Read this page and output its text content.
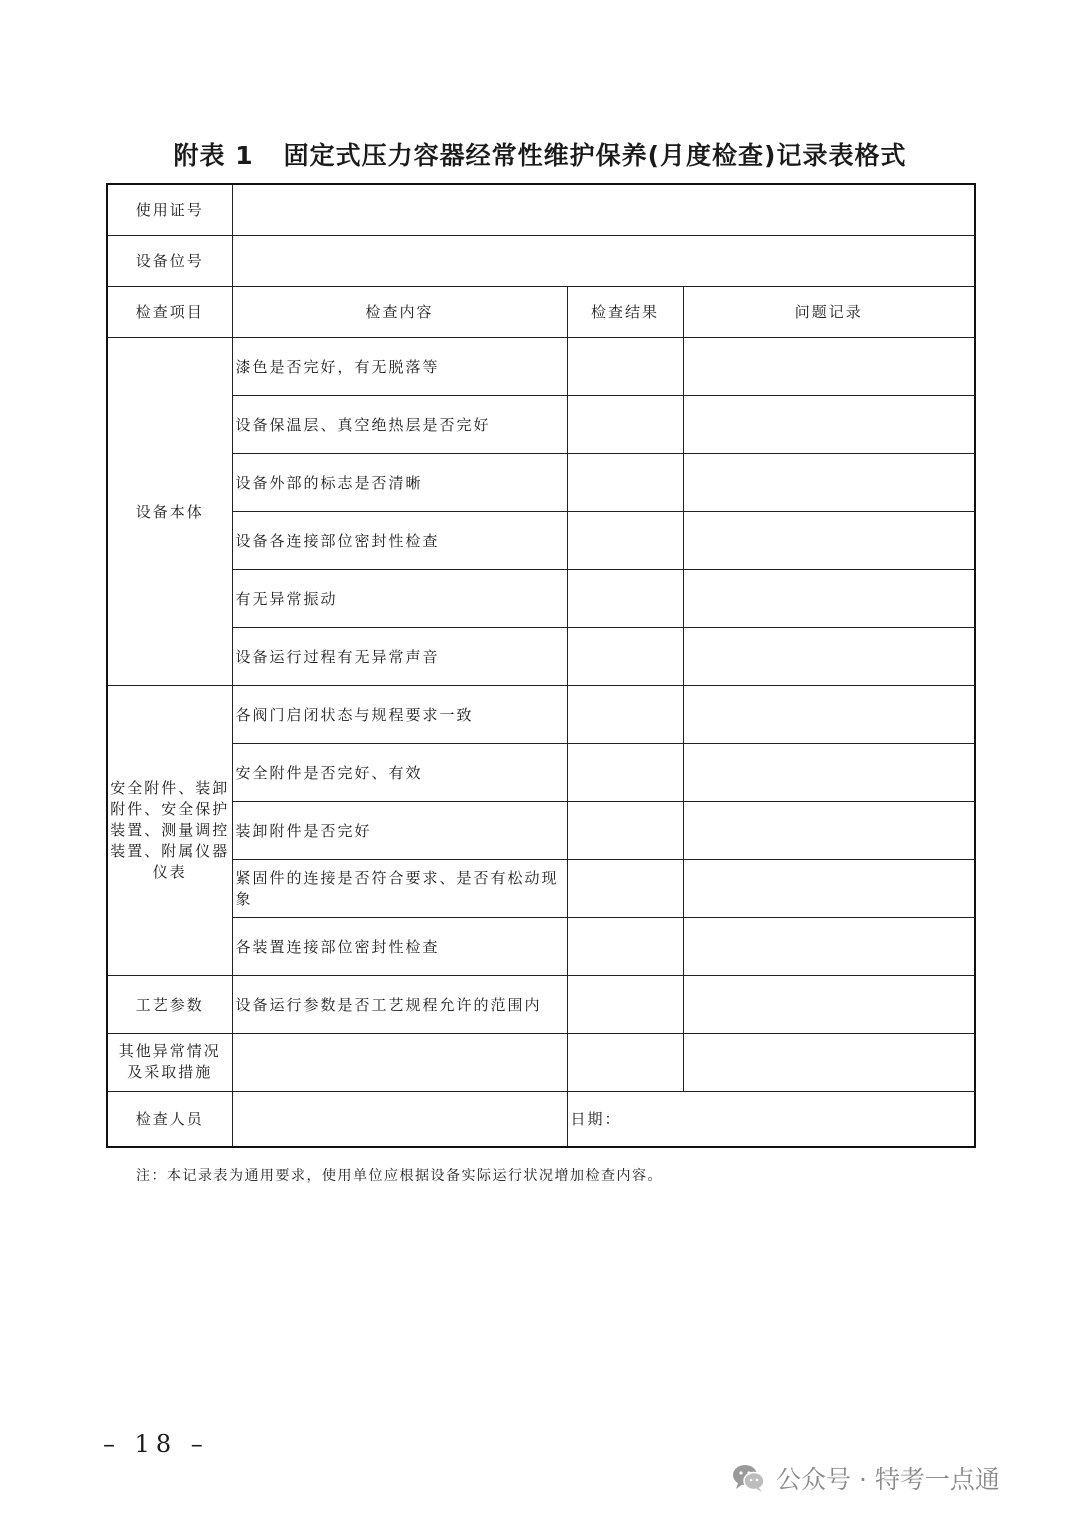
附表 1 固定式压力容器经常性维护保养(月度检查)记录表格式
使用证号			
设备位号			
检查项目	检查内容	检查结果	问题记录
设备本体	漆色是否完好，有无脱落等		
	设备保温层、真空绝热层是否完好		
	设备外部的标志是否清晰		
	设备各连接部位密封性检查		
	有无异常振动		
	设备运行过程有无异常声音		
安全附件、装卸附件、安全保护装置、测量调控装置、附属仪器仪表	各阀门启闭状态与规程要求一致		
	安全附件是否完好、有效		
	装卸附件是否完好		
	紧固件的连接是否符合要求、是否有松动现象		
	各装置连接部位密封性检查		
工艺参数	设备运行参数是否工艺规程允许的范围内		
其他异常情况及采取措施			
检查人员		日期：	
注：本记录表为通用要求，使用单位应根据设备实际运行状况增加检查内容。
– 18 –
公众号 · 特考一点通
